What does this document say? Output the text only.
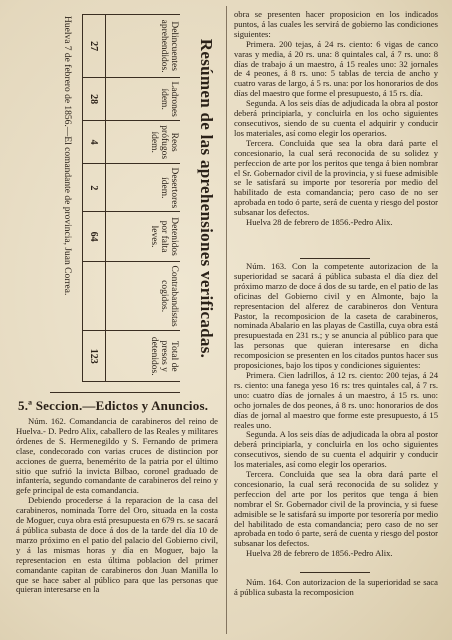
Resúmen de las aprehensiones verificadas.
Delincuentes aprehendidos.	Ladrones ídem.	Reos prófugos ídem.	Desertores ídem.	Detenidos por falta leves.	Contrabandistas cogidos.	Total de presos y detenidos.
27	28	4	2	64		123
Huelva 7 de febrero de 1856.—El comandante de provincia, Juan Correa.
5.ª Seccion.—Edictos y Anuncios.

Núm. 162. Comandancia de carabineros del reino de Huelva.- D. Pedro Alix, caballero de las Reales y militares órdenes de S. Hermenegildo y S. Fernando de primera clase, condecorado con varias cruces de distincion por acciones de guerra, benemérito de la patria por el último sitio que sufrió la invicta Bilbao, coronel graduado de infantería, segundo comandante de carabineros del reino y gefe principal de esta comandancia.

Debiendo procederse á la reparacion de la casa del carabineros, nominada Torre del Oro, situada en la costa de Moguer, cuya obra está presupuesta en 679 rs. se sacará á pública subasta de doce á dos de la tarde del día 10 de marzo próximo en el patio del palacio del Gobierno civil, y á las mismas horas y día en Moguer, bajo la representacion en esta última poblacion del primer comandante capitan de carabineros don Juan Manilla lo que se hace saber al público para que las personas que quieran interesarse en la

obra se presenten hacer proposicion en los indicados puntos, á las cuales les servirá de gobierno las condiciones siguientes:

Primera. 200 tejas, á 24 rs. ciento: 6 vigas de canco varas y media, á 20 rs. una: 8 quintales cal, á 7 rs. uno: 8 días de trabajo á un maestro, á 15 reales uno: 32 jornales de 4 peones, á 8 rs. uno: 5 tablas de tercia de ancho y cuatro varas de largo, á 5 rs. una: por los honorarios de dos días del maestro que forme el presupuesto, á 15 rs. día.

Segunda. A los seis días de adjudicada la obra al postor deberá principiarla, y concluirla en los ocho siguientes consecutivos, siendo de su cuenta el adquirir y conducir los materiales, así como elegir los operarios.

Tercera. Concluida que sea la obra dará parte el concesionario, la cual será reconocida de su solidez y perfeccion de arte por los peritos que tenga á bien nombrar el Sr. Gobernador civil de la provincia, y si fuese admisible se le satisfará su importe por tesorería por medio del habilitado de esta comandancia; pero caso de no ser aprobada en todo ó parte, será de cuenta y riesgo del postor subsanar los defectos.

Huelva 28 de febrero de 1856.-Pedro Alix.

Núm. 163. Con la competente autorizacion de la superioridad se sacará á pública subasta el día diez del próximo marzo de doce á dos de su tarde, en el patio de las oficinas del Gobierno civil y en Almonte, bajo la representacion del alferez de carabineros don Ventura Pastor, la recomposicion de la caseta de carabineros, nominada Abalario en las playas de Castilla, cuya obra está presupuestada en 231 rs.; y se anuncia al público para que las personas que quieran interesarse en dicha recomposicion se presenten en los citados puntos hacer sus proposiciones, bajo los tipos y condiciones siguientes:

Primera. Cien ladrillos, á 12 rs. ciento: 200 tejas, á 24 rs. ciento: una fanega yeso 16 rs: tres quintales cal, á 7 rs. uno: cuatro días de jornales á un maestro, á 15 rs. uno: ocho jornales de dos peones, á 8 rs. uno: honorarios de dos días de jornal al maestro que forme este presupuesto, á 15 reales uno.

Segunda. A los seis días de adjudicada la obra al postor deberá principiarla, y concluirla en los ocho siguientes consecutivos, siendo de su cuenta el adquirir y conducir los materiales, así como elegir los operarios.

Tercera. Concluida que sea la obra dará parte el concesionario, la cual será reconocida de su solidez y perfeccion del arte por los peritos que tenga á bien nombrar el Sr. Gobernador civil de la provincia, y si fuese admisible se le satisfará su importe por tesorería por medio del habilitado de esta comandancia; pero caso de no ser aprobada en todo ó parte, será de cuenta y riesgo del postor subsanar los defectos.

Huelva 28 de febrero de 1856.-Pedro Alix.

Núm. 164. Con autorizacion de la superioridad se saca á pública subasta la recomposicion
